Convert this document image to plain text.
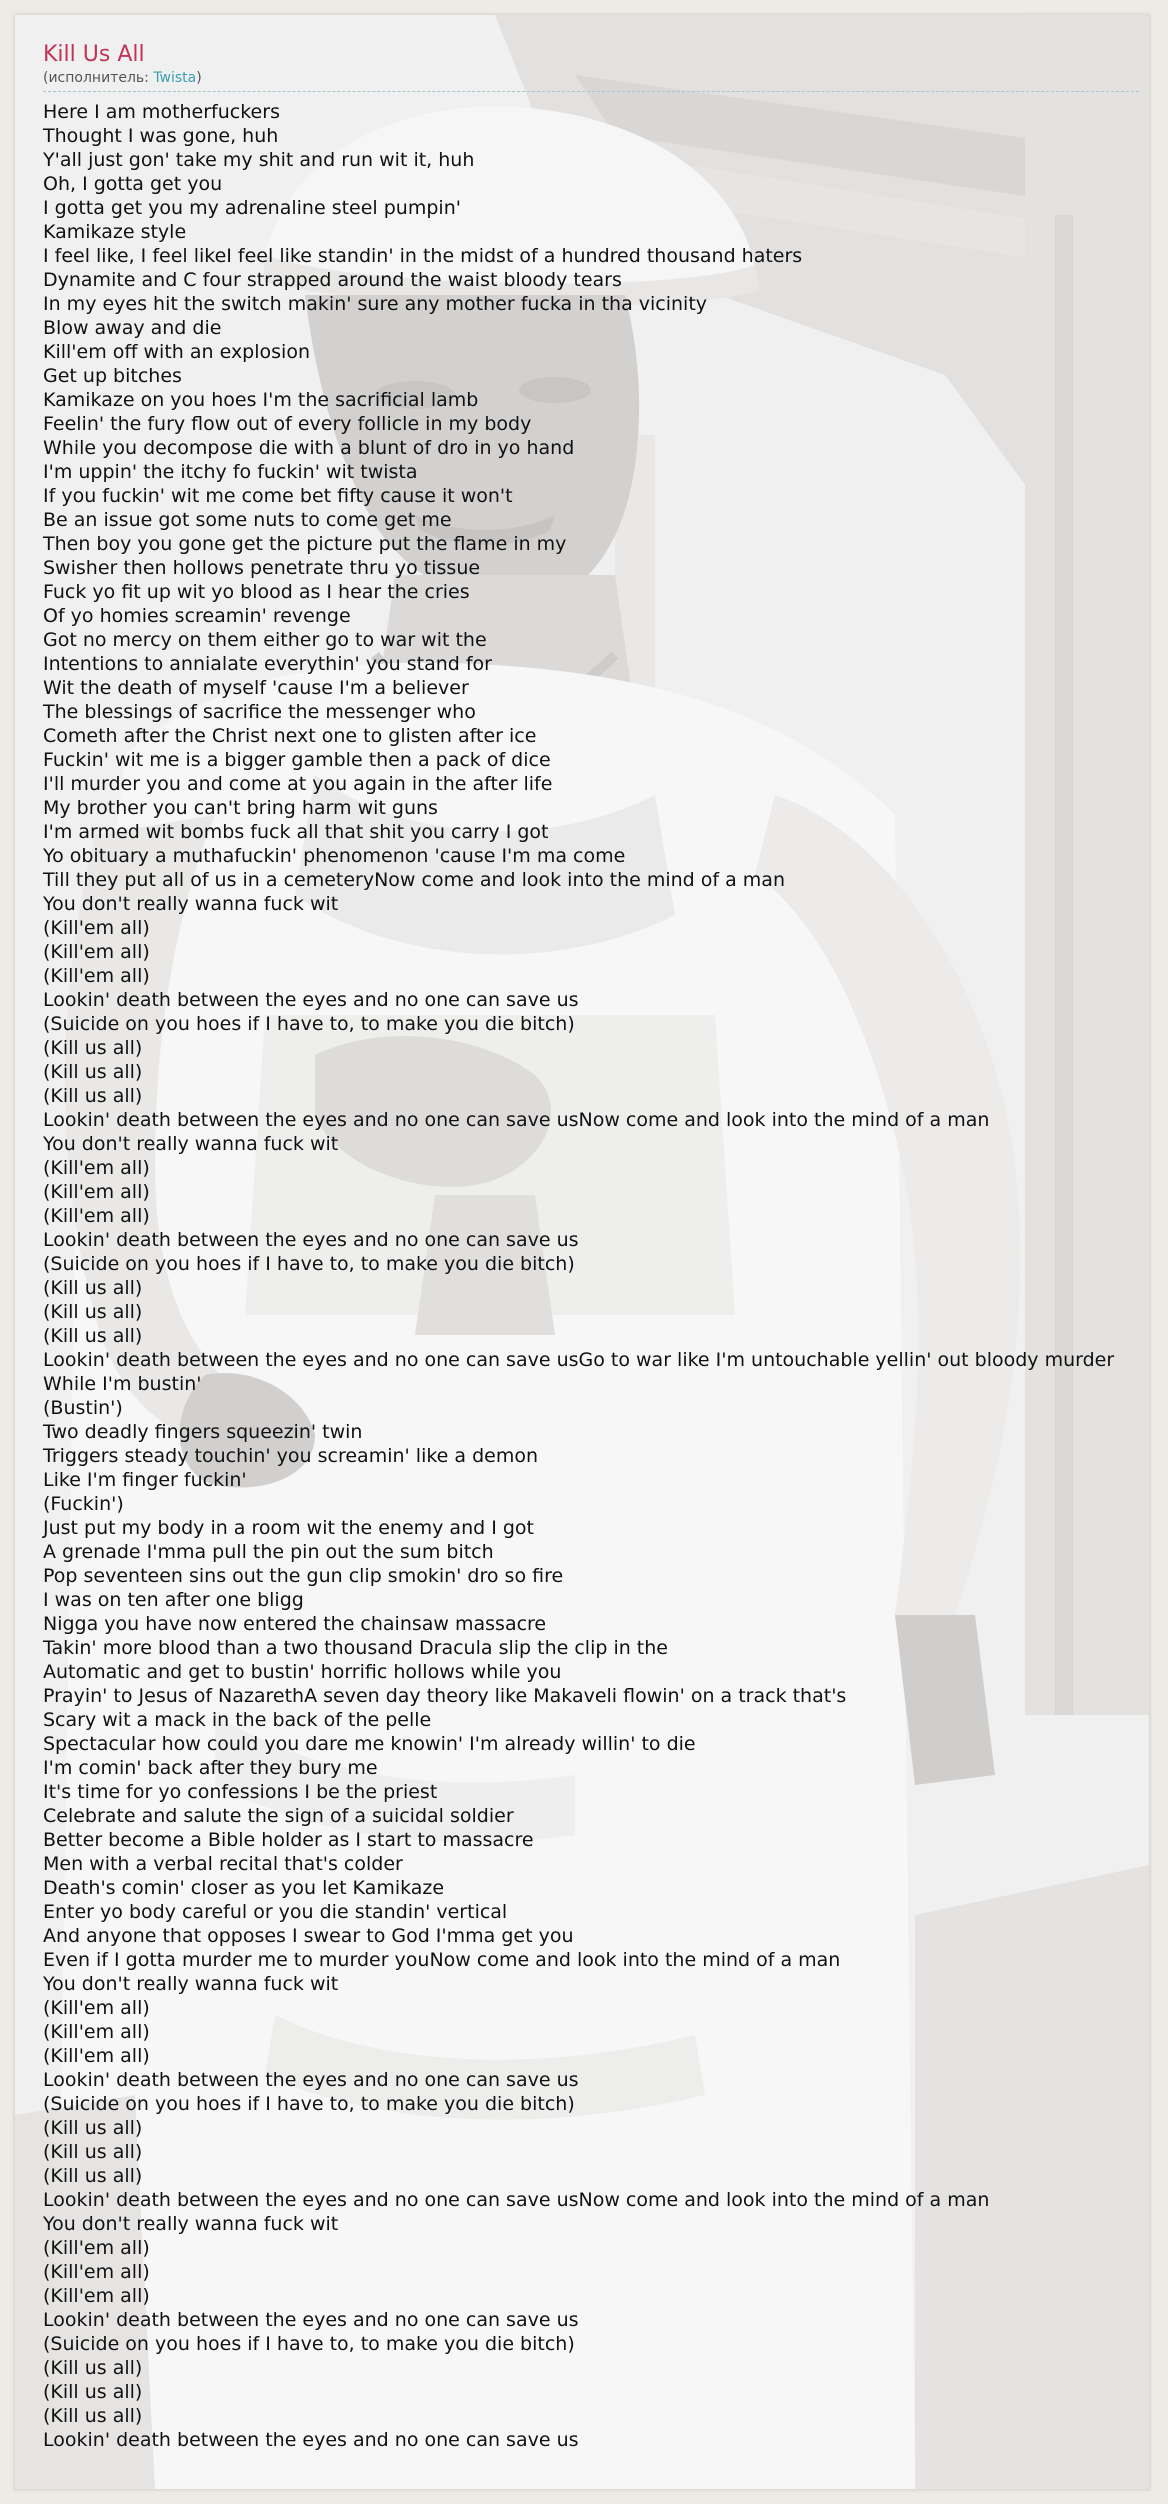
Kill Us All
(исполнитель: Twista)
Here I am motherfuckers
Thought I was gone, huh
Y'all just gon' take my shit and run wit it, huh
Oh, I gotta get you
I gotta get you my adrenaline steel pumpin'
Kamikaze style
I feel like, I feel likeI feel like standin' in the midst of a hundred thousand haters
Dynamite and C four strapped around the waist bloody tears
In my eyes hit the switch makin' sure any mother fucka in tha vicinity
Blow away and die
Kill'em off with an explosion
Get up bitches
Kamikaze on you hoes I'm the sacrificial lamb
Feelin' the fury flow out of every follicle in my body
While you decompose die with a blunt of dro in yo hand
I'm uppin' the itchy fo fuckin' wit twista
If you fuckin' wit me come bet fifty cause it won't
Be an issue got some nuts to come get me
Then boy you gone get the picture put the flame in my
Swisher then hollows penetrate thru yo tissue
Fuck yo fit up wit yo blood as I hear the cries
Of yo homies screamin' revenge
Got no mercy on them either go to war wit the
Intentions to annialate everythin' you stand for
Wit the death of myself 'cause I'm a believer
The blessings of sacrifice the messenger who
Cometh after the Christ next one to glisten after ice
Fuckin' wit me is a bigger gamble then a pack of dice
I'll murder you and come at you again in the after life
My brother you can't bring harm wit guns
I'm armed wit bombs fuck all that shit you carry I got
Yo obituary a muthafuckin' phenomenon 'cause I'm ma come
Till they put all of us in a cemeteryNow come and look into the mind of a man
You don't really wanna fuck wit
(Kill'em all)
(Kill'em all)
(Kill'em all)
Lookin' death between the eyes and no one can save us
(Suicide on you hoes if I have to, to make you die bitch)
(Kill us all)
(Kill us all)
(Kill us all)
Lookin' death between the eyes and no one can save usNow come and look into the mind of a man
You don't really wanna fuck wit
(Kill'em all)
(Kill'em all)
(Kill'em all)
Lookin' death between the eyes and no one can save us
(Suicide on you hoes if I have to, to make you die bitch)
(Kill us all)
(Kill us all)
(Kill us all)
Lookin' death between the eyes and no one can save usGo to war like I'm untouchable yellin' out bloody murder
While I'm bustin'
(Bustin')
Two deadly fingers squeezin' twin
Triggers steady touchin' you screamin' like a demon
Like I'm finger fuckin'
(Fuckin')
Just put my body in a room wit the enemy and I got
A grenade I'mma pull the pin out the sum bitch
Pop seventeen sins out the gun clip smokin' dro so fire
I was on ten after one bligg
Nigga you have now entered the chainsaw massacre
Takin' more blood than a two thousand Dracula slip the clip in the
Automatic and get to bustin' horrific hollows while you
Prayin' to Jesus of NazarethA seven day theory like Makaveli flowin' on a track that's
Scary wit a mack in the back of the pelle
Spectacular how could you dare me knowin' I'm already willin' to die
I'm comin' back after they bury me
It's time for yo confessions I be the priest
Celebrate and salute the sign of a suicidal soldier
Better become a Bible holder as I start to massacre
Men with a verbal recital that's colder
Death's comin' closer as you let Kamikaze
Enter yo body careful or you die standin' vertical
And anyone that opposes I swear to God I'mma get you
Even if I gotta murder me to murder youNow come and look into the mind of a man
You don't really wanna fuck wit
(Kill'em all)
(Kill'em all)
(Kill'em all)
Lookin' death between the eyes and no one can save us
(Suicide on you hoes if I have to, to make you die bitch)
(Kill us all)
(Kill us all)
(Kill us all)
Lookin' death between the eyes and no one can save usNow come and look into the mind of a man
You don't really wanna fuck wit
(Kill'em all)
(Kill'em all)
(Kill'em all)
Lookin' death between the eyes and no one can save us
(Suicide on you hoes if I have to, to make you die bitch)
(Kill us all)
(Kill us all)
(Kill us all)
Lookin' death between the eyes and no one can save us
